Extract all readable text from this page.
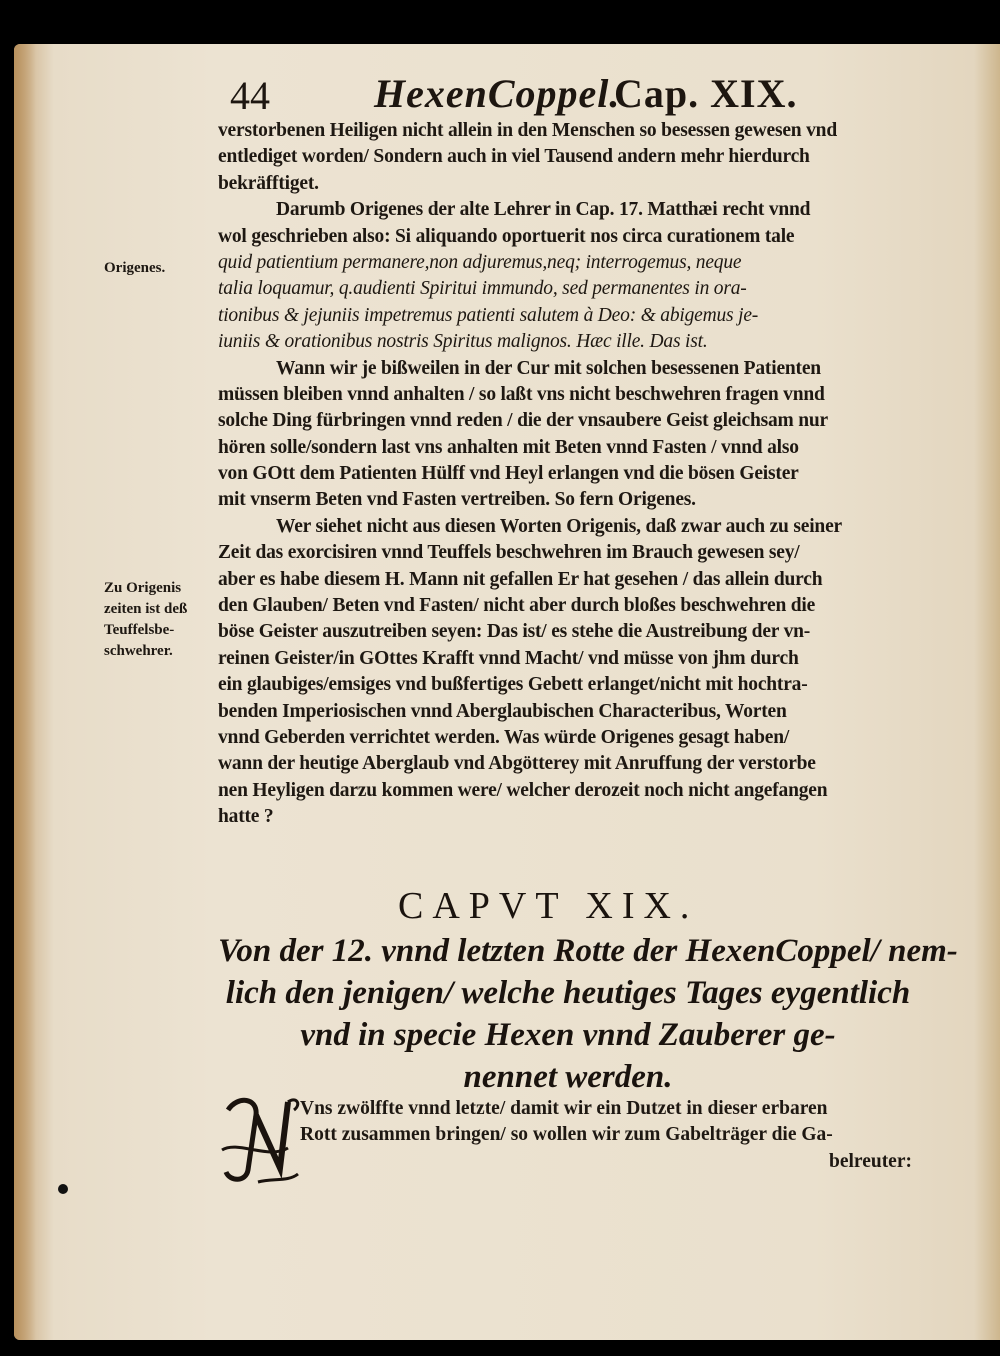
44	HexenCoppel.
Cap. XIX.
Origenes.
Zu Origenis
zeiten ist deß
Teuffelsbe-
schwehrer.
verstorbenen Heiligen nicht allein in den Menschen so besessen gewesen vnd
entlediget worden/ Sondern auch in viel Tausend andern mehr hierdurch
bekräfftiget.
Darumb Origenes der alte Lehrer in Cap. 17. Matthæi recht vnnd
wol geschrieben also: Si aliquando oportuerit nos circa curationem tale
quid patientium permanere,non adjuremus,neq; interrogemus, neque
talia loquamur, q.audienti Spiritui immundo, sed permanentes in ora-
tionibus & jejuniis impetremus patienti salutem à Deo: & abigemus je-
iuniis & orationibus nostris Spiritus malignos. Hæc ille. Das ist.
Wann wir je bißweilen in der Cur mit solchen besessenen Patienten
müssen bleiben vnnd anhalten / so laßt vns nicht beschwehren fragen vnnd
solche Ding fürbringen vnnd reden / die der vnsaubere Geist gleichsam nur
hören solle/sondern last vns anhalten mit Beten vnnd Fasten / vnnd also
von GOtt dem Patienten Hülff vnd Heyl erlangen vnd die bösen Geister
mit vnserm Beten vnd Fasten vertreiben. So fern Origenes.
Wer siehet nicht aus diesen Worten Origenis, daß zwar auch zu seiner
Zeit das exorcisiren vnnd Teuffels beschwehren im Brauch gewesen sey/
aber es habe diesem H. Mann nit gefallen Er hat gesehen / das allein durch
den Glauben/ Beten vnd Fasten/ nicht aber durch bloßes beschwehren die
böse Geister auszutreiben seyen: Das ist/ es stehe die Austreibung der vn-
reinen Geister/in GOttes Krafft vnnd Macht/ vnd müsse von jhm durch
ein glaubiges/emsiges vnd bußfertiges Gebett erlanget/nicht mit hochtra-
benden Imperiosischen vnnd Aberglaubischen Characteribus, Worten
vnnd Geberden verrichtet werden. Was würde Origenes gesagt haben/
wann der heutige Aberglaub vnd Abgötterey mit Anruffung der verstorbe
nen Heyligen darzu kommen were/ welcher derozeit noch nicht angefangen
hatte ?
CAPVT XIX.
Von der 12. vnnd letzten Rotte der HexenCoppel/ nem-
lich den jenigen/ welche heutiges Tages eygentlich
vnd in specie Hexen vnnd Zauberer ge-
nennet werden.
Vns zwölffte vnnd letzte/ damit wir ein Dutzet in dieser erbaren
Rott zusammen bringen/ so wollen wir zum Gabelträger die Ga-
belreuter:
